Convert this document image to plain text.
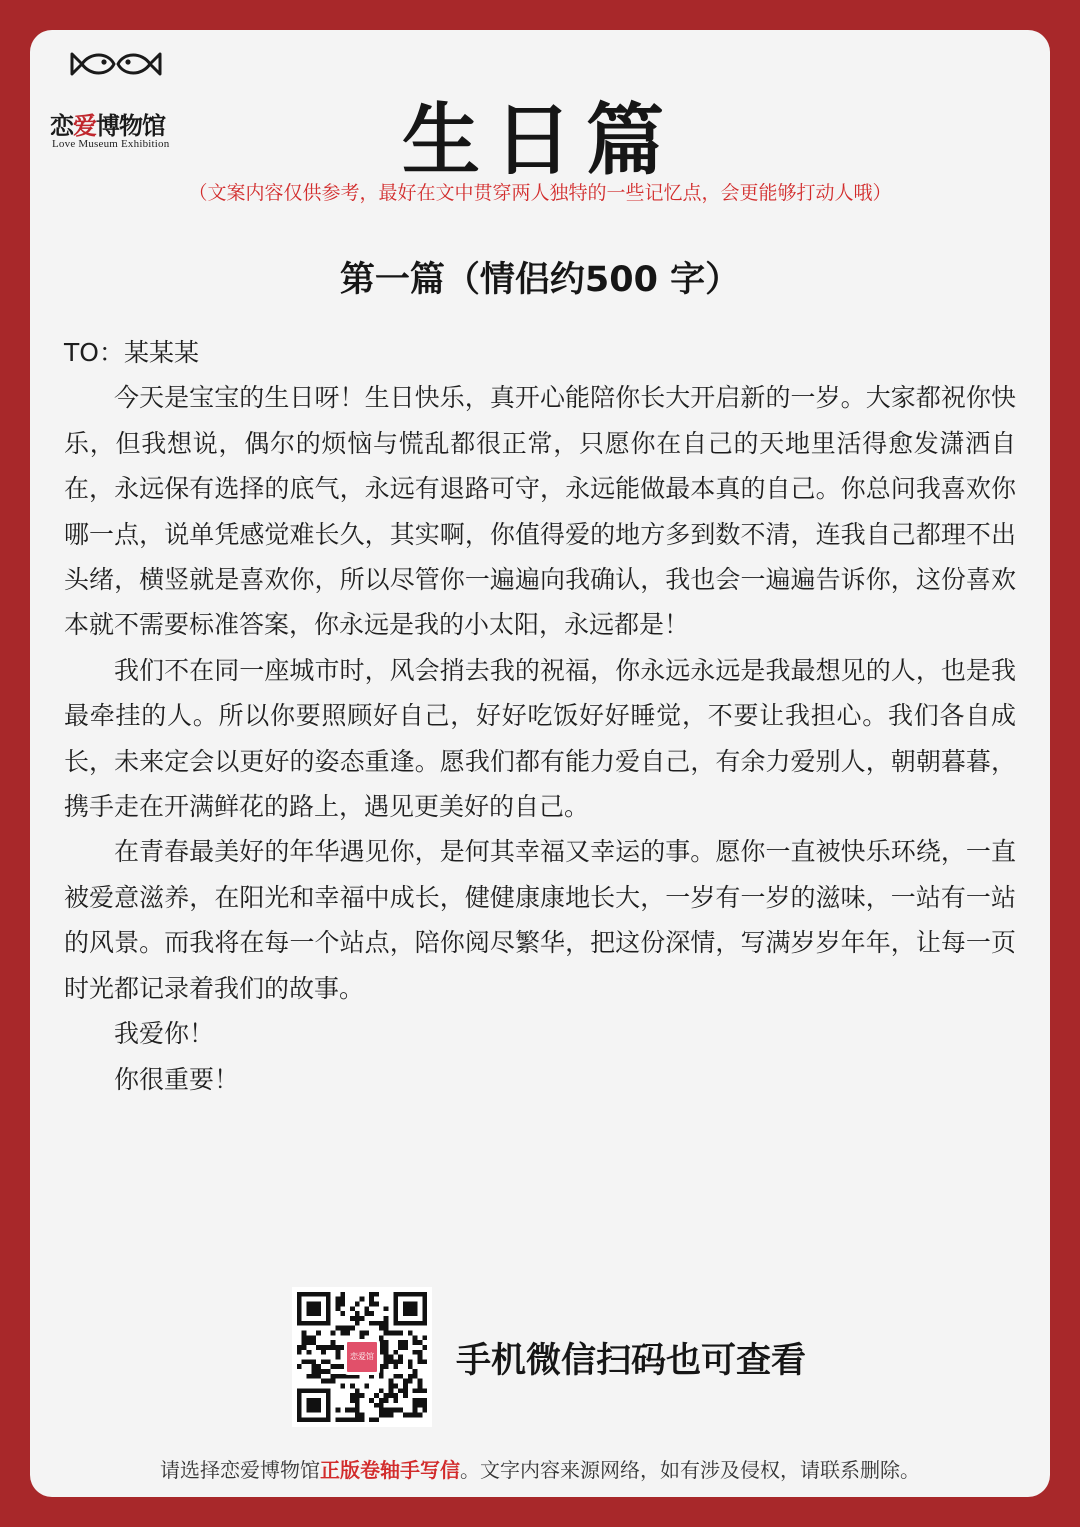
恋爱博物馆
Love Museum Exhibition	生日篇
（文案内容仅供参考，最好在文中贯穿两人独特的一些记忆点，会更能够打动人哦）
第一篇（情侣约500 字）

TO：某某某

今天是宝宝的生日呀！生日快乐，真开心能陪你长大开启新的一岁。大家都祝你快乐，但我想说，偶尔的烦恼与慌乱都很正常，只愿你在自己的天地里活得愈发潇洒自在，永远保有选择的底气，永远有退路可守，永远能做最本真的自己。你总问我喜欢你哪一点，说单凭感觉难长久，其实啊，你值得爱的地方多到数不清，连我自己都理不出头绪，横竖就是喜欢你，所以尽管你一遍遍向我确认，我也会一遍遍告诉你，这份喜欢本就不需要标准答案，你永远是我的小太阳，永远都是！

我们不在同一座城市时，风会捎去我的祝福，你永远永远是我最想见的人，也是我最牵挂的人。所以你要照顾好自己，好好吃饭好好睡觉，不要让我担心。我们各自成长，未来定会以更好的姿态重逢。愿我们都有能力爱自己，有余力爱别人，朝朝暮暮，携手走在开满鲜花的路上，遇见更美好的自己。

在青春最美好的年华遇见你，是何其幸福又幸运的事。愿你一直被快乐环绕，一直被爱意滋养，在阳光和幸福中成长，健健康康地长大，一岁有一岁的滋味，一站有一站的风景。而我将在每一个站点，陪你阅尽繁华，把这份深情，写满岁岁年年，让每一页时光都记录着我们的故事。

我爱你！

你很重要！

恋爱馆 手机微信扫码也可查看
请选择恋爱博物馆正版卷轴手写信。文字内容来源网络，如有涉及侵权，请联系删除。
